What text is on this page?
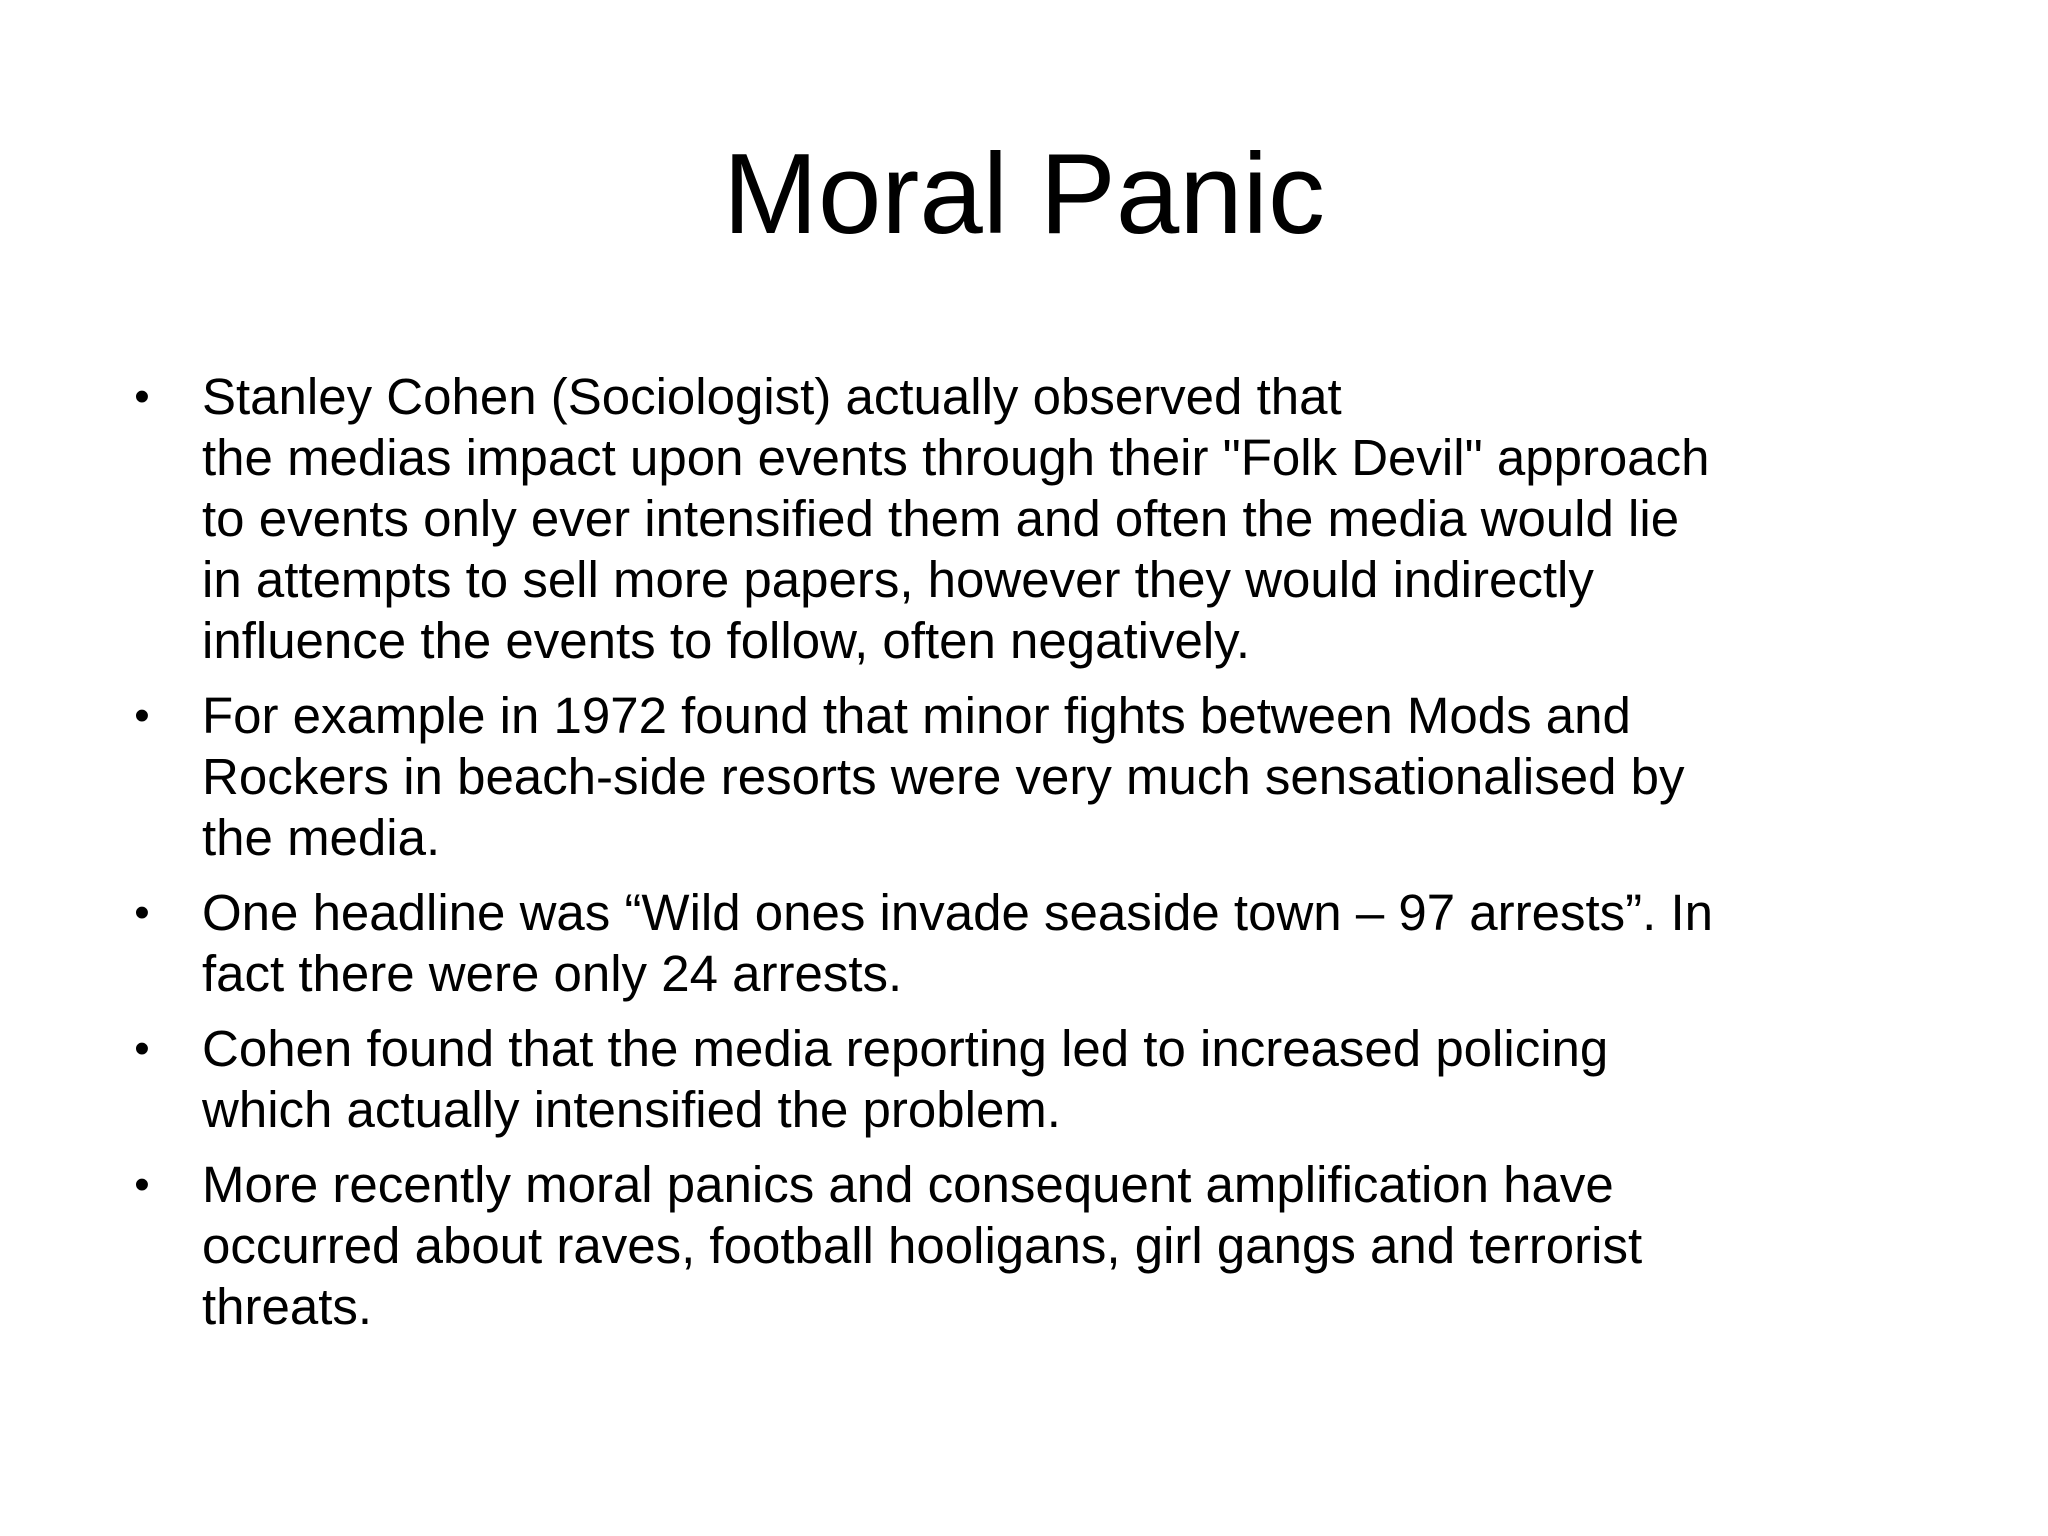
Moral Panic
• Stanley Cohen (Sociologist) actually observed that
the medias impact upon events through their "Folk Devil" approach
to events only ever intensified them and often the media would lie
in attempts to sell more papers, however they would indirectly
influence the events to follow, often negatively.
• For example in 1972 found that minor fights between Mods and
Rockers in beach-side resorts were very much sensationalised by
the media.
• One headline was “Wild ones invade seaside town – 97 arrests”. In
fact there were only 24 arrests.
• Cohen found that the media reporting led to increased policing
which actually intensified the problem.
• More recently moral panics and consequent amplification have
occurred about raves, football hooligans, girl gangs and terrorist
threats.
